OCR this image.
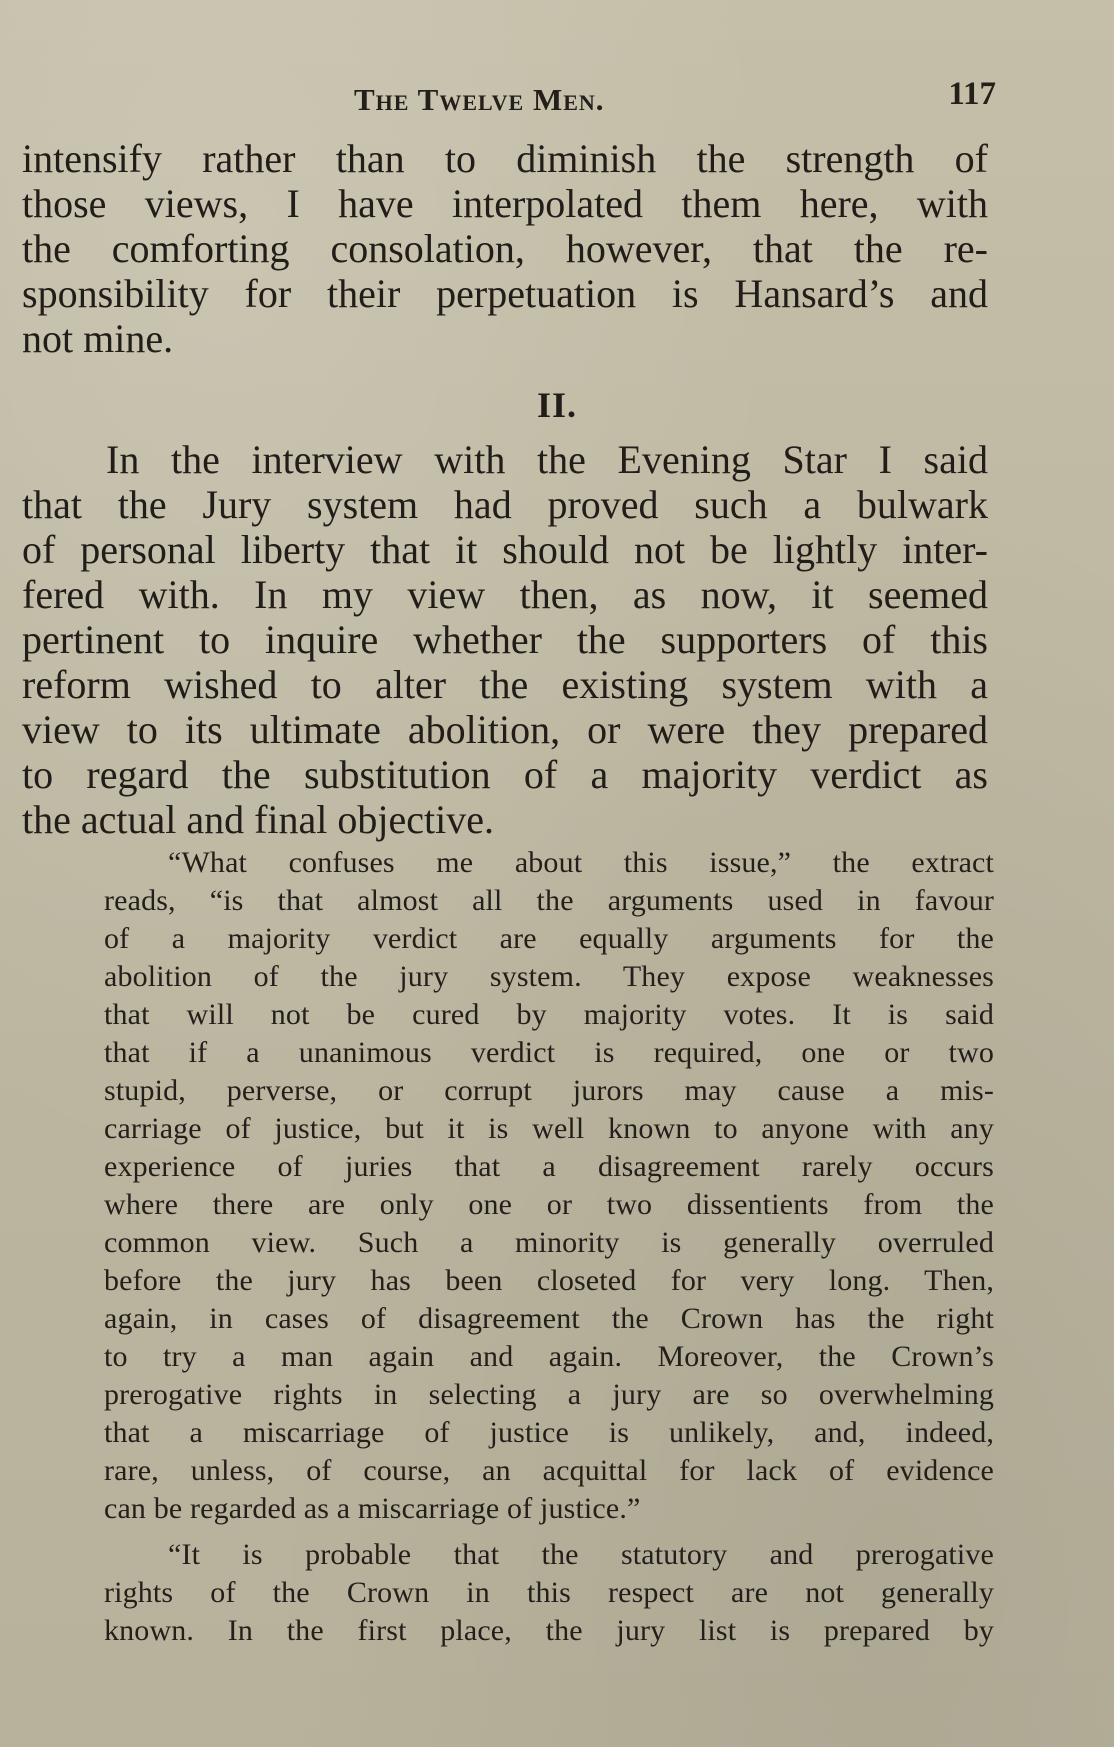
The Twelve Men.	117
intensify rather than to diminish the strength of
those views, I have interpolated them here, with
the comforting consolation, however, that the re-
sponsibility for their perpetuation is Hansard’s and
not mine.
II.
In the interview with the Evening Star I said
that the Jury system had proved such a bulwark
of personal liberty that it should not be lightly inter-
fered with. In my view then, as now, it seemed
pertinent to inquire whether the supporters of this
reform wished to alter the existing system with a
view to its ultimate abolition, or were they prepared
to regard the substitution of a majority verdict as
the actual and final objective.
“What confuses me about this issue,” the extract
reads, “is that almost all the arguments used in favour
of a majority verdict are equally arguments for the
abolition of the jury system. They expose weaknesses
that will not be cured by majority votes. It is said
that if a unanimous verdict is required, one or two
stupid, perverse, or corrupt jurors may cause a mis-
carriage of justice, but it is well known to anyone with any
experience of juries that a disagreement rarely occurs
where there are only one or two dissentients from the
common view. Such a minority is generally overruled
before the jury has been closeted for very long. Then,
again, in cases of disagreement the Crown has the right
to try a man again and again. Moreover, the Crown’s
prerogative rights in selecting a jury are so overwhelming
that a miscarriage of justice is unlikely, and, indeed,
rare, unless, of course, an acquittal for lack of evidence
can be regarded as a miscarriage of justice.”
“It is probable that the statutory and prerogative
rights of the Crown in this respect are not generally
known. In the first place, the jury list is prepared by
